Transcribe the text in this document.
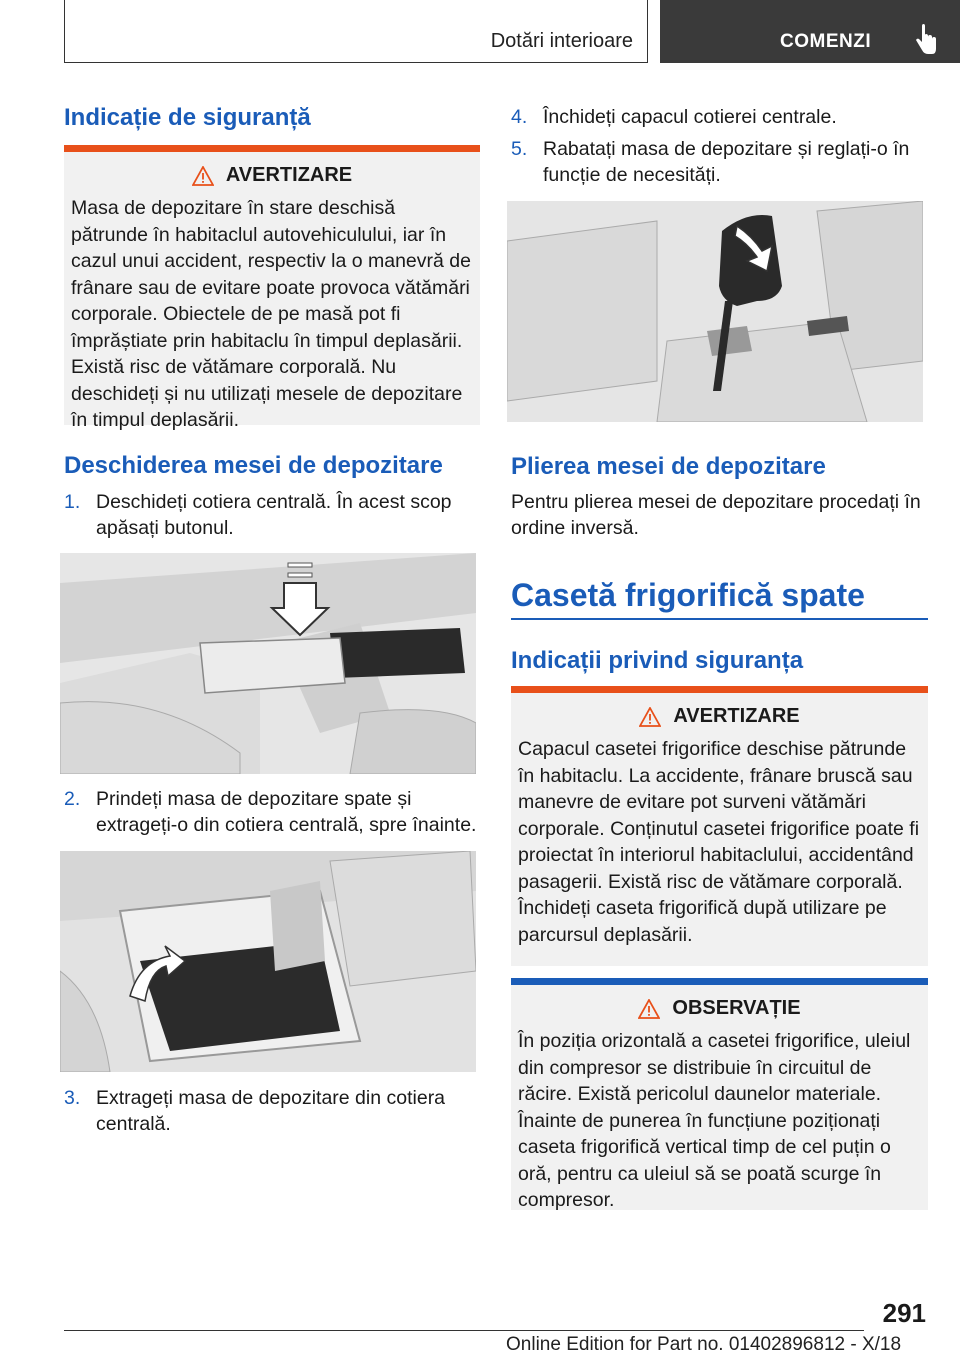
Dotări interioare	COMENZI
Indicație de siguranță
AVERTIZARE

Masa de depozitare în stare deschisă pătrunde în habitaclul autovehiculului, iar în cazul unui accident, respectiv la o manevră de frânare sau de evitare poate provoca vătămări corporale. Obiectele de pe masă pot fi împrăștiate prin habitaclu în timpul deplasării. Există risc de vătămare corporală. Nu deschideți și nu utilizați mesele de depozitare în timpul deplasării.

Deschiderea mesei de depozitare
1. Deschideți cotiera centrală. În acest scop apăsați butonul.
2. Prindeți masa de depozitare spate și extrageți-o din cotiera centrală, spre înainte.
3. Extrageți masa de depozitare din cotiera centrală.
4. Închideți capacul cotierei centrale.
5. Rabatați masa de depozitare și reglați-o în funcție de necesități.
Plierea mesei de depozitare

Pentru plierea mesei de depozitare procedați în ordine inversă.

Casetă frigorifică spate
Indicații privind siguranța
AVERTIZARE

Capacul casetei frigorifice deschise pătrunde în habitaclu. La accidente, frânare bruscă sau manevre de evitare pot surveni vătămări corporale. Conținutul casetei frigorifice poate fi proiectat în interiorul habitaclului, accidentând pasagerii. Există risc de vătămare corporală. Închideți caseta frigorifică după utilizare pe parcursul deplasării.

OBSERVAȚIE

În poziția orizontală a casetei frigorifice, uleiul din compresor se distribuie în circuitul de răcire. Există pericolul daunelor materiale. Înainte de punerea în funcțiune poziționați caseta frigorifică vertical timp de cel puțin o oră, pentru ca uleiul să se poată scurge în compresor.

291
Online Edition for Part no. 01402896812 - X/18
